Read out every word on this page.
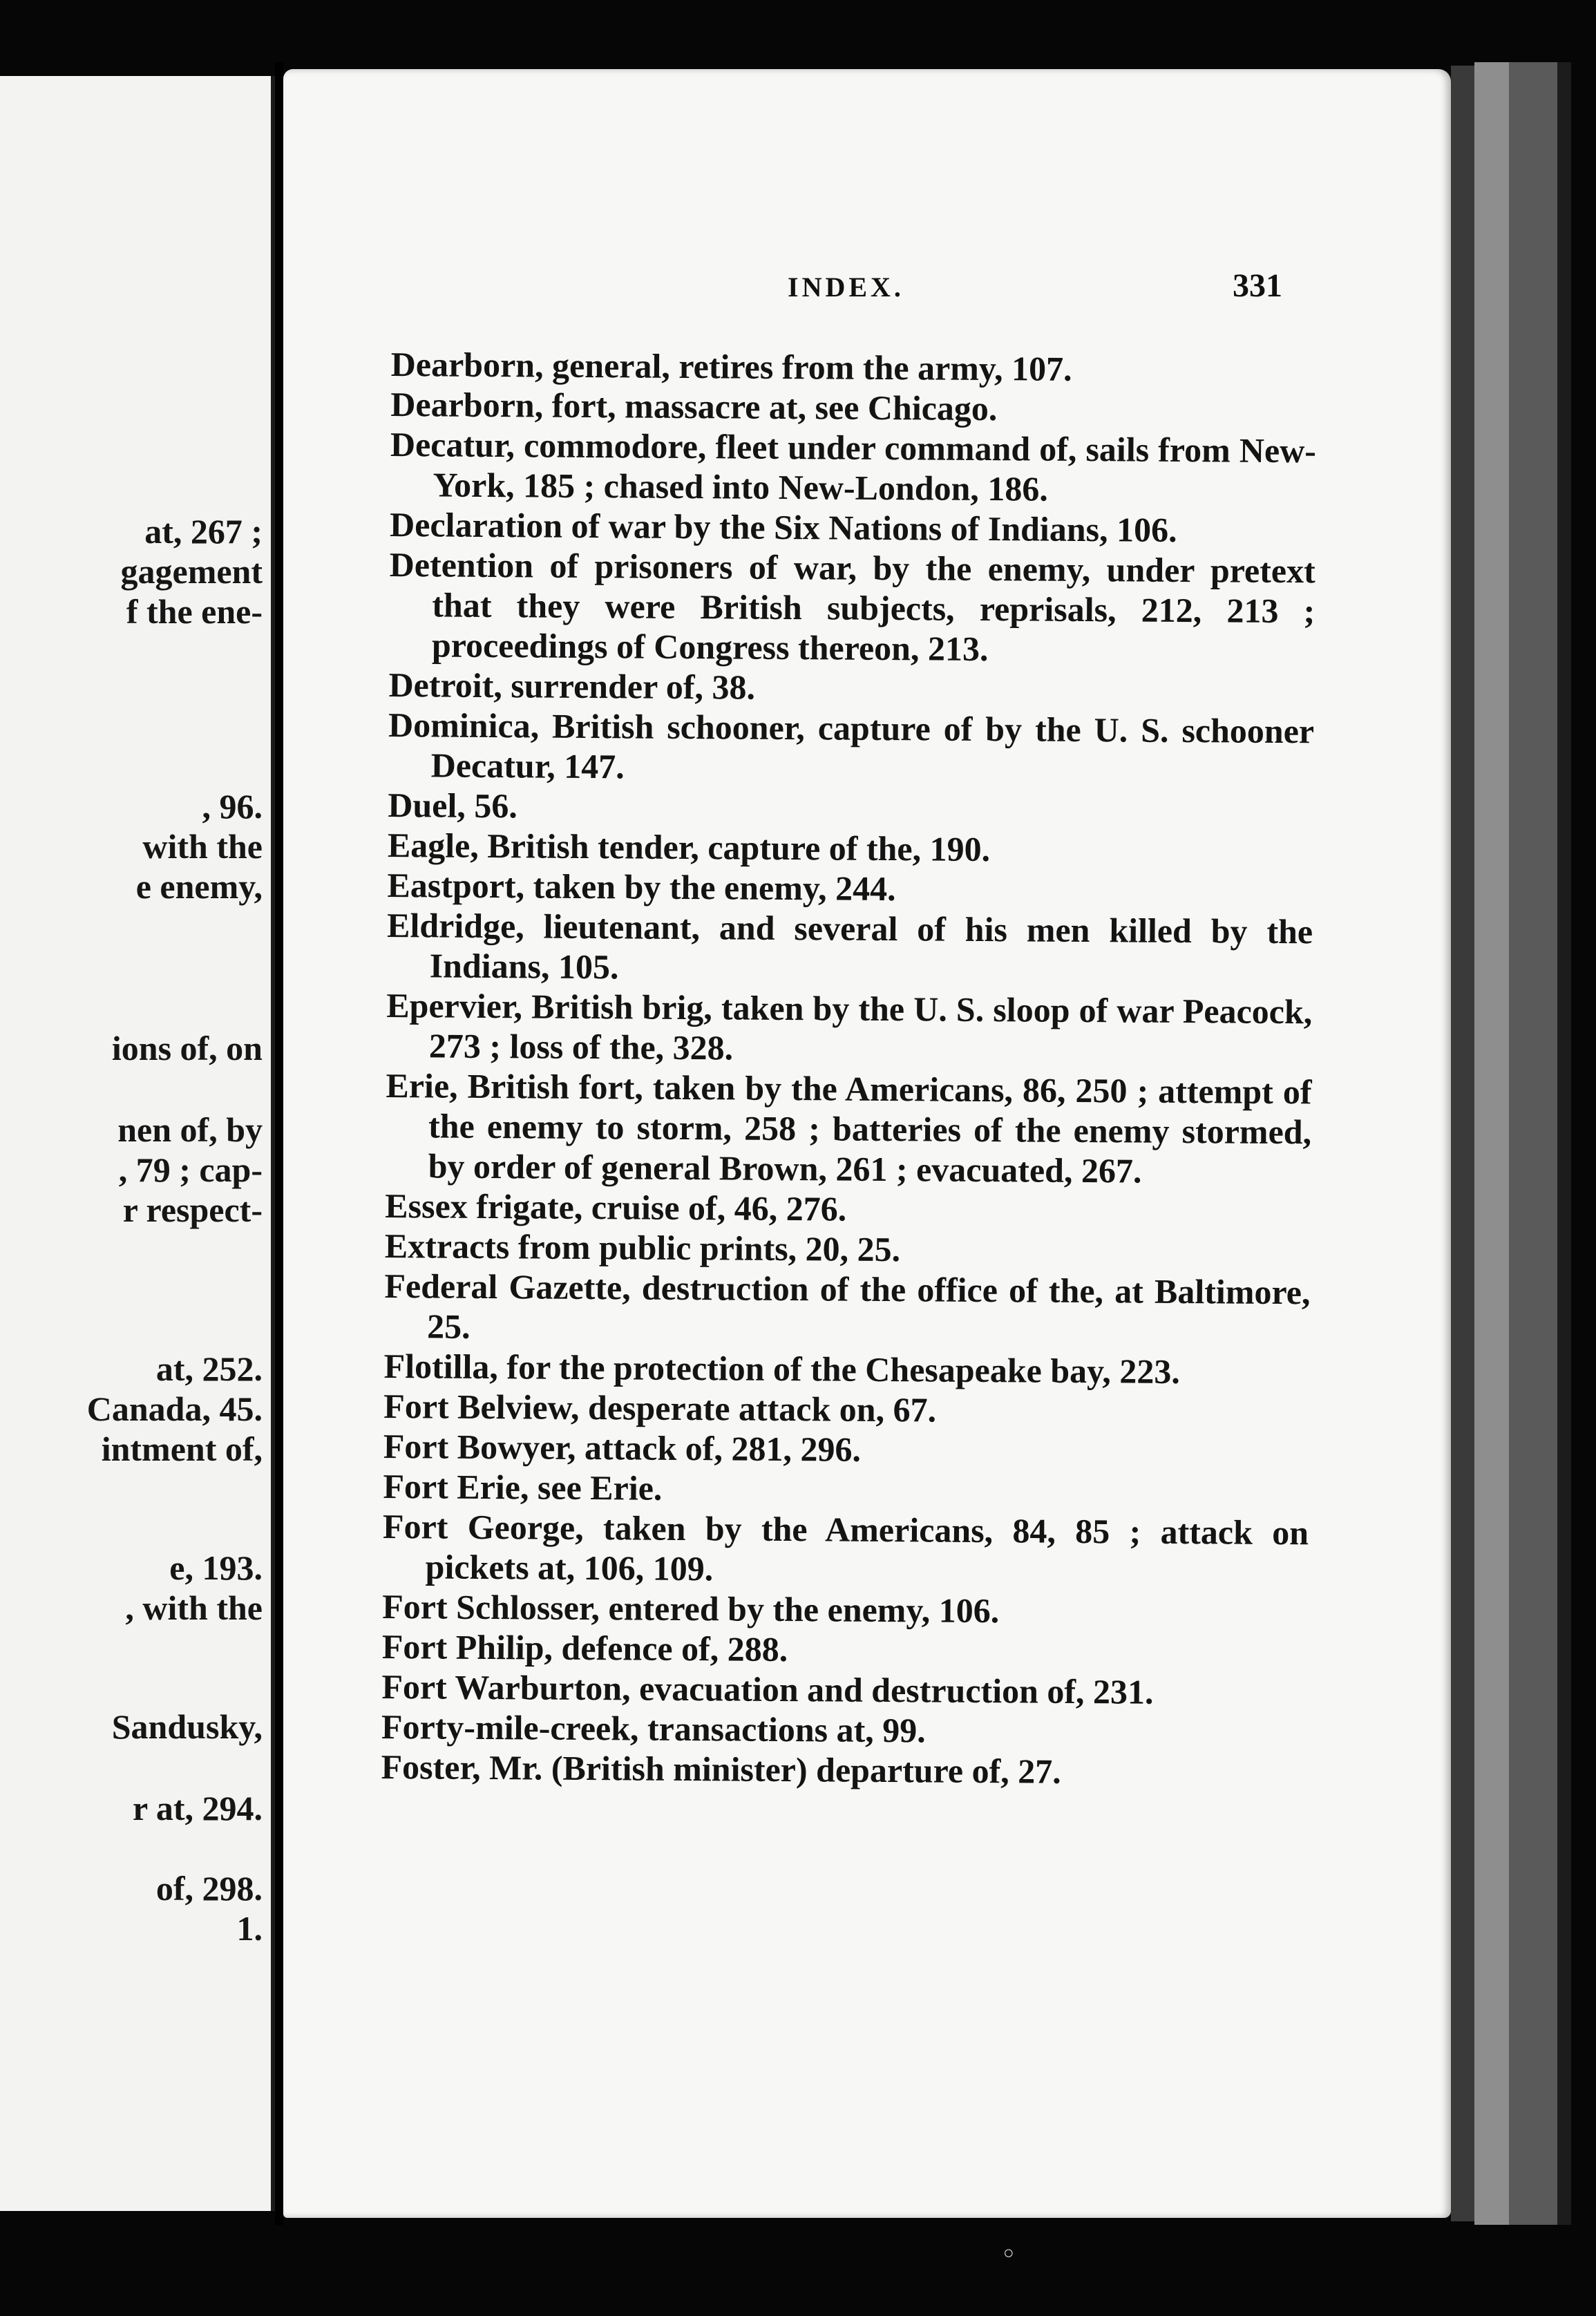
at, 267 ;
gagement
f the ene-
, 96.
with the
e enemy,
ions of, on
nen of, by
, 79 ; cap-
r respect-
at, 252.
Canada, 45.
intment of,
e, 193.
, with the
Sandusky,
r at, 294.
of, 298.
1.
INDEX.	331
Dearborn, general, retires from the army, 107.
Dearborn, fort, massacre at, see Chicago.
Decatur, commodore, fleet under command of, sails from New-York, 185 ; chased into New-London, 186.
Declaration of war by the Six Nations of Indians, 106.
Detention of prisoners of war, by the enemy, under pretext that they were British subjects, reprisals, 212, 213 ; proceedings of Congress thereon, 213.
Detroit, surrender of, 38.
Dominica, British schooner, capture of by the U. S. schooner Decatur, 147.
Duel, 56.
Eagle, British tender, capture of the, 190.
Eastport, taken by the enemy, 244.
Eldridge, lieutenant, and several of his men killed by the Indians, 105.
Epervier, British brig, taken by the U. S. sloop of war Peacock, 273 ; loss of the, 328.
Erie, British fort, taken by the Americans, 86, 250 ; attempt of the enemy to storm, 258 ; batteries of the enemy stormed, by order of general Brown, 261 ; evacuated, 267.
Essex frigate, cruise of, 46, 276.
Extracts from public prints, 20, 25.
Federal Gazette, destruction of the office of the, at Baltimore, 25.
Flotilla, for the protection of the Chesapeake bay, 223.
Fort Belview, desperate attack on, 67.
Fort Bowyer, attack of, 281, 296.
Fort Erie, see Erie.
Fort George, taken by the Americans, 84, 85 ; attack on pickets at, 106, 109.
Fort Schlosser, entered by the enemy, 106.
Fort Philip, defence of, 288.
Fort Warburton, evacuation and destruction of, 231.
Forty-mile-creek, transactions at, 99.
Foster, Mr. (British minister) departure of, 27.
◦
